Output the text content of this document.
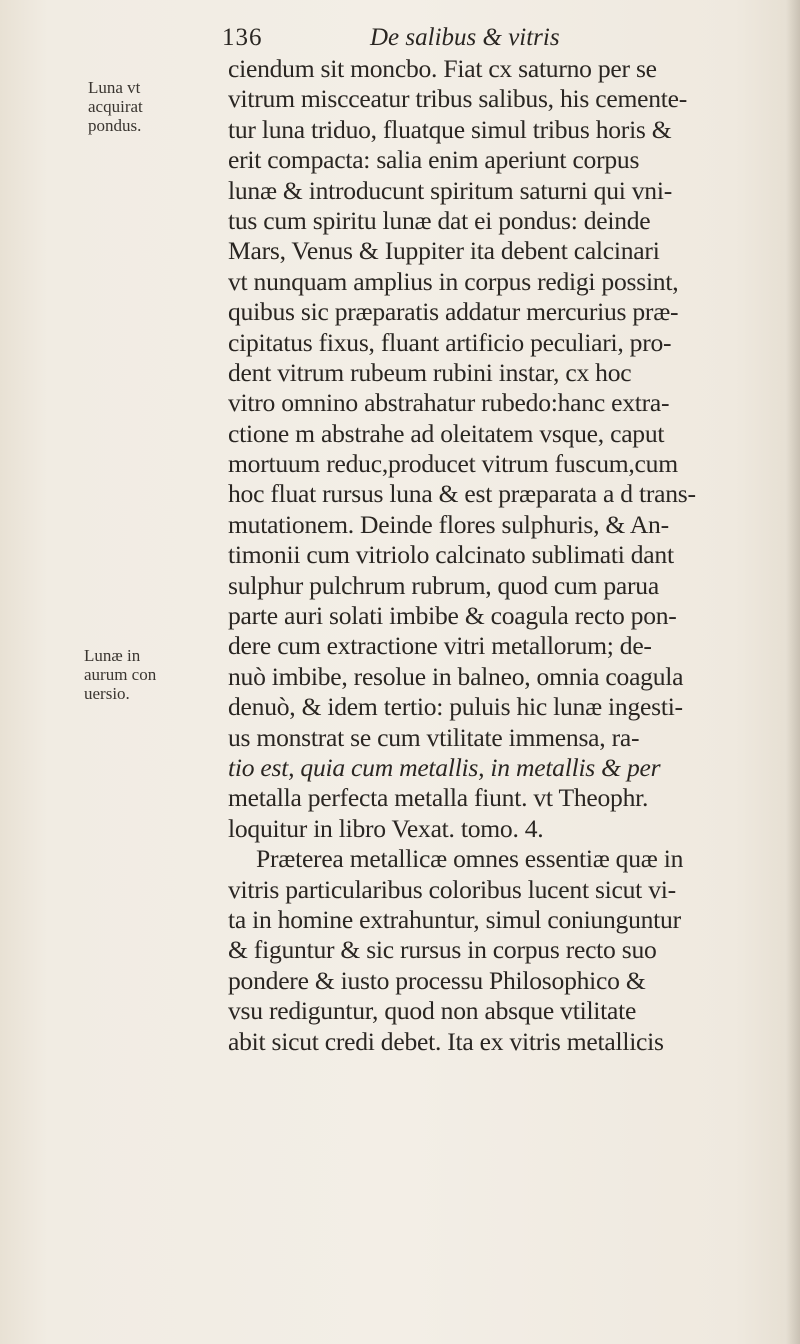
136	De salibus & vitris
Luna vt
acquirat
pondus.
Lunæ in
aurum con
uersio.
ciendum sit moncbo. Fiat cx saturno per se
vitrum miscceatur tribus salibus, his cemente-
tur luna triduo, fluatque simul tribus horis &
erit compacta: salia enim aperiunt corpus
lunæ & introducunt spiritum saturni qui vni-
tus cum spiritu lunæ dat ei pondus: deinde
Mars, Venus & Iuppiter ita debent calcinari
vt nunquam amplius in corpus redigi possint,
quibus sic præparatis addatur mercurius præ-
cipitatus fixus, fluant artificio peculiari, pro-
dent vitrum rubeum rubini instar, cx hoc
vitro omnino abstrahatur rubedo:hanc extra-
ctione m abstrahe ad oleitatem vsque, caput
mortuum reduc,producet vitrum fuscum,cum
hoc fluat rursus luna & est præparata a d trans-
mutationem. Deinde flores sulphuris, & An-
timonii cum vitriolo calcinato sublimati dant
sulphur pulchrum rubrum, quod cum parua
parte auri solati imbibe & coagula recto pon-
dere cum extractione vitri metallorum; de-
nuò imbibe, resolue in balneo, omnia coagula
denuò, & idem tertio: puluis hic lunæ ingesti-
us monstrat se cum vtilitate immensa, ra-
tio est, quia cum metallis, in metallis & per
metalla perfecta metalla fiunt. vt Theophr.
loquitur in libro Vexat. tomo. 4.
Præterea metallicæ omnes essentiæ quæ in
vitris particularibus coloribus lucent sicut vi-
ta in homine extrahuntur, simul coniunguntur
& figuntur & sic rursus in corpus recto suo
pondere & iusto processu Philosophico &
vsu rediguntur, quod non absque vtilitate
abit sicut credi debet. Ita ex vitris metallicis
